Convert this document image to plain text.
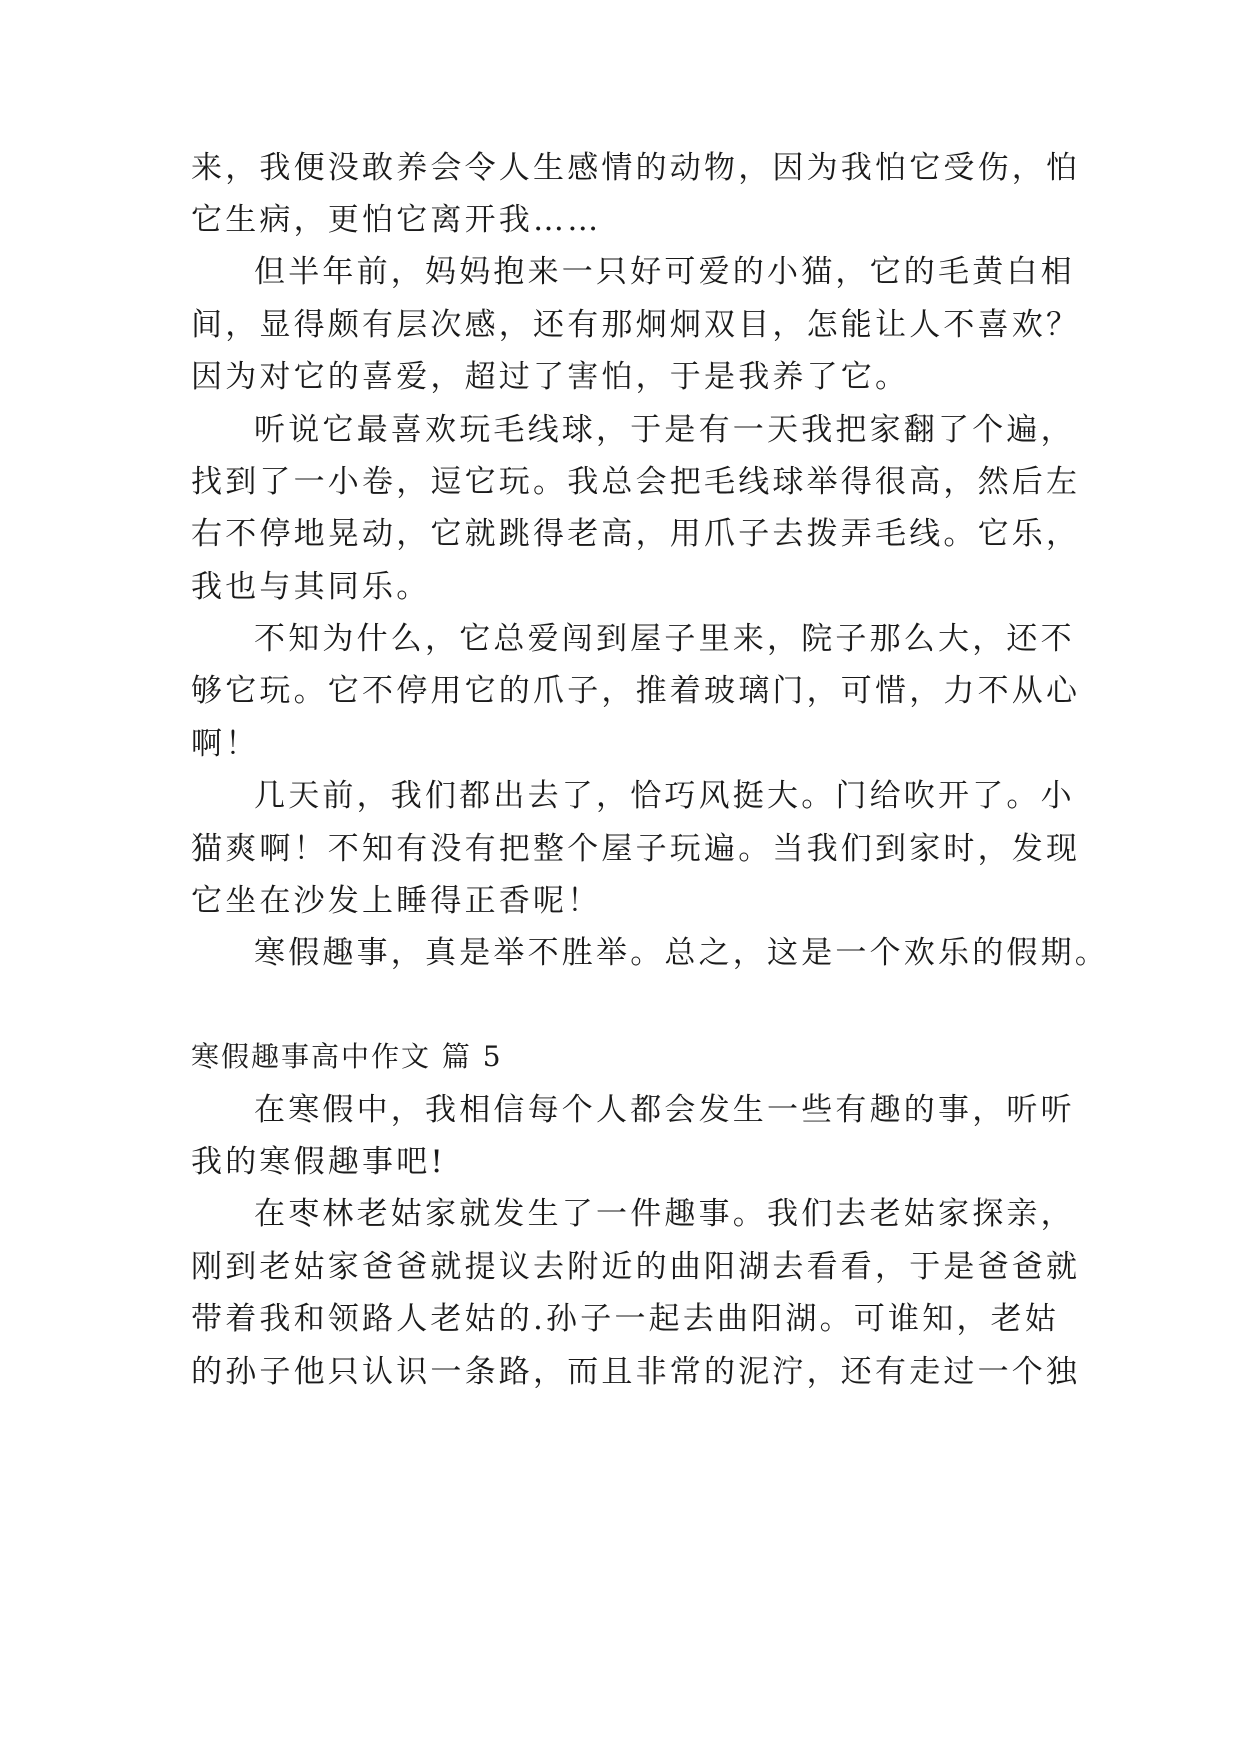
来，我便没敢养会令人生感情的动物，因为我怕它受伤，怕
它生病，更怕它离开我……
但半年前，妈妈抱来一只好可爱的小猫，它的毛黄白相
间，显得颇有层次感，还有那炯炯双目，怎能让人不喜欢？
因为对它的喜爱，超过了害怕，于是我养了它。
听说它最喜欢玩毛线球，于是有一天我把家翻了个遍，
找到了一小卷，逗它玩。我总会把毛线球举得很高，然后左
右不停地晃动，它就跳得老高，用爪子去拨弄毛线。它乐，
我也与其同乐。
不知为什么，它总爱闯到屋子里来，院子那么大，还不
够它玩。它不停用它的爪子，推着玻璃门，可惜，力不从心
啊！
几天前，我们都出去了，恰巧风挺大。门给吹开了。小
猫爽啊！不知有没有把整个屋子玩遍。当我们到家时，发现
它坐在沙发上睡得正香呢！
寒假趣事，真是举不胜举。总之，这是一个欢乐的假期。
寒假趣事高中作文 篇 5
在寒假中，我相信每个人都会发生一些有趣的事，听听
我的寒假趣事吧!
在枣林老姑家就发生了一件趣事。我们去老姑家探亲，
刚到老姑家爸爸就提议去附近的曲阳湖去看看，于是爸爸就
带着我和领路人老姑的.孙子一起去曲阳湖。可谁知，老姑
的孙子他只认识一条路，而且非常的泥泞，还有走过一个独
